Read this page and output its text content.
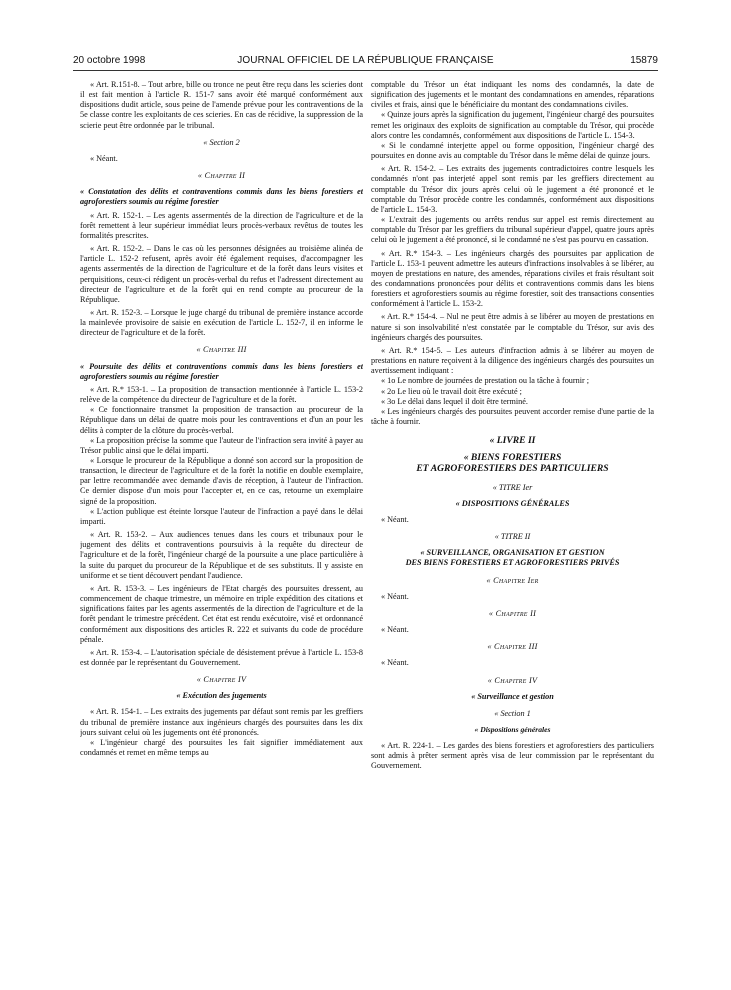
20 octobre 1998	JOURNAL OFFICIEL DE LA RÉPUBLIQUE FRANÇAISE	15879

« Art. R.151-8. – Tout arbre, bille ou tronce ne peut être reçu dans les scieries dont il est fait mention à l'article R. 151-7 sans avoir été marqué conformément aux dispositions dudit article, sous peine de l'amende prévue pour les contraventions de la 5e classe contre les exploitants de ces scieries. En cas de récidive, la suppression de la scierie peut être ordonnée par le tribunal.

« Section 2

« Néant.

« Chapitre II

« Constatation des délits et contraventions commis dans les biens forestiers et agroforestiers soumis au régime forestier

« Art. R. 152-1. – Les agents assermentés de la direction de l'agriculture et de la forêt remettent à leur supérieur immédiat leurs procès-verbaux revêtus de toutes les formalités prescrites.

« Art. R. 152-2. – Dans le cas où les personnes désignées au troisième alinéa de l'article L. 152-2 refusent, après avoir été également requises, d'accompagner les agents assermentés de la direction de l'agriculture et de la forêt dans leurs visites et perquisitions, ceux-ci rédigent un procès-verbal du refus et l'adressent directement au directeur de l'agriculture et de la forêt qui en rend compte au procureur de la République.

« Art. R. 152-3. – Lorsque le juge chargé du tribunal de première instance accorde la mainlevée provisoire de saisie en exécution de l'article L. 152-7, il en informe le directeur de l'agriculture et de la forêt.

« Chapitre III

« Poursuite des délits et contraventions commis dans les biens forestiers et agroforestiers soumis au régime forestier

« Art. R.* 153-1. – La proposition de transaction mentionnée à l'article L. 153-2 relève de la compétence du directeur de l'agriculture et de la forêt.

« Ce fonctionnaire transmet la proposition de transaction au procureur de la République dans un délai de quatre mois pour les contraventions et d'un an pour les délits à compter de la clôture du procès-verbal.

« La proposition précise la somme que l'auteur de l'infraction sera invité à payer au Trésor public ainsi que le délai imparti.

« Lorsque le procureur de la République a donné son accord sur la proposition de transaction, le directeur de l'agriculture et de la forêt la notifie en double exemplaire, par lettre recommandée avec demande d'avis de réception, à l'auteur de l'infraction. Ce dernier dispose d'un mois pour l'accepter et, en ce cas, retourne un exemplaire signé de la proposition.

« L'action publique est éteinte lorsque l'auteur de l'infraction a payé dans le délai imparti.

« Art. R. 153-2. – Aux audiences tenues dans les cours et tribunaux pour le jugement des délits et contraventions poursuivis à la requête du directeur de l'agriculture et de la forêt, l'ingénieur chargé de la poursuite a une place particulière à la suite du parquet du procureur de la République et de ses substituts. Il y assiste en uniforme et se tient découvert pendant l'audience.

« Art. R. 153-3. – Les ingénieurs de l'Etat chargés des poursuites dressent, au commencement de chaque trimestre, un mémoire en triple expédition des citations et significations faites par les agents assermentés de la direction de l'agriculture et de la forêt pendant le trimestre précédent. Cet état est rendu exécutoire, visé et ordonnancé conformément aux dispositions des articles R. 222 et suivants du code de procédure pénale.

« Art. R. 153-4. – L'autorisation spéciale de désistement prévue à l'article L. 153-8 est donnée par le représentant du Gouvernement.

« Chapitre IV
« Exécution des jugements

« Art. R. 154-1. – Les extraits des jugements par défaut sont remis par les greffiers du tribunal de première instance aux ingénieurs chargés des poursuites dans les dix jours suivant celui où les jugements ont été prononcés.

« L'ingénieur chargé des poursuites les fait signifier immédiatement aux condamnés et remet en même temps au

comptable du Trésor un état indiquant les noms des condamnés, la date de signification des jugements et le montant des condamnations en amendes, réparations civiles et frais, ainsi que le bénéficiaire du montant des condamnations civiles.

« Quinze jours après la signification du jugement, l'ingénieur chargé des poursuites remet les originaux des exploits de signification au comptable du Trésor, qui procède alors contre les condamnés, conformément aux dispositions de l'article L. 154-3.

« Si le condamné interjette appel ou forme opposition, l'ingénieur chargé des poursuites en donne avis au comptable du Trésor dans le même délai de quinze jours.

« Art. R. 154-2. – Les extraits des jugements contradictoires contre lesquels les condamnés n'ont pas interjeté appel sont remis par les greffiers directement au comptable du Trésor dix jours après celui où le jugement a été prononcé et le comptable du Trésor procède contre les condamnés, conformément aux dispositions de l'article L. 154-3.

« L'extrait des jugements ou arrêts rendus sur appel est remis directement au comptable du Trésor par les greffiers du tribunal supérieur d'appel, quatre jours après celui où le jugement a été prononcé, si le condamné ne s'est pas pourvu en cassation.

« Art. R.* 154-3. – Les ingénieurs chargés des poursuites par application de l'article L. 153-1 peuvent admettre les auteurs d'infractions insolvables à se libérer, au moyen de prestations en nature, des amendes, réparations civiles et frais résultant soit des condamnations prononcées pour délits et contraventions commis dans les biens forestiers et agroforestiers soumis au régime forestier, soit des transactions consenties conformément à l'article L. 153-2.

« Art. R.* 154-4. – Nul ne peut être admis à se libérer au moyen de prestations en nature si son insolvabilité n'est constatée par le comptable du Trésor, sur avis des ingénieurs chargés des poursuites.

« Art. R.* 154-5. – Les auteurs d'infraction admis à se libérer au moyen de prestations en nature reçoivent à la diligence des ingénieurs chargés des poursuites un avertissement indiquant :

« 1o Le nombre de journées de prestation ou la tâche à fournir ;

« 2o Le lieu où le travail doit être exécuté ;

« 3o Le délai dans lequel il doit être terminé.

« Les ingénieurs chargés des poursuites peuvent accorder remise d'une partie de la tâche à fournir.

« LIVRE II
« BIENS FORESTIERS
ET AGROFORESTIERS DES PARTICULIERS
« TITRE Ier
« DISPOSITIONS GÉNÉRALES

« Néant.

« TITRE II
« SURVEILLANCE, ORGANISATION ET GESTION
DES BIENS FORESTIERS ET AGROFORESTIERS PRIVÉS
« Chapitre Ier

« Néant.

« Chapitre II

« Néant.

« Chapitre III

« Néant.

« Chapitre IV
« Surveillance et gestion
« Section 1
« Dispositions générales

« Art. R. 224-1. – Les gardes des biens forestiers et agroforestiers des particuliers sont admis à prêter serment après visa de leur commission par le représentant du Gouvernement.
